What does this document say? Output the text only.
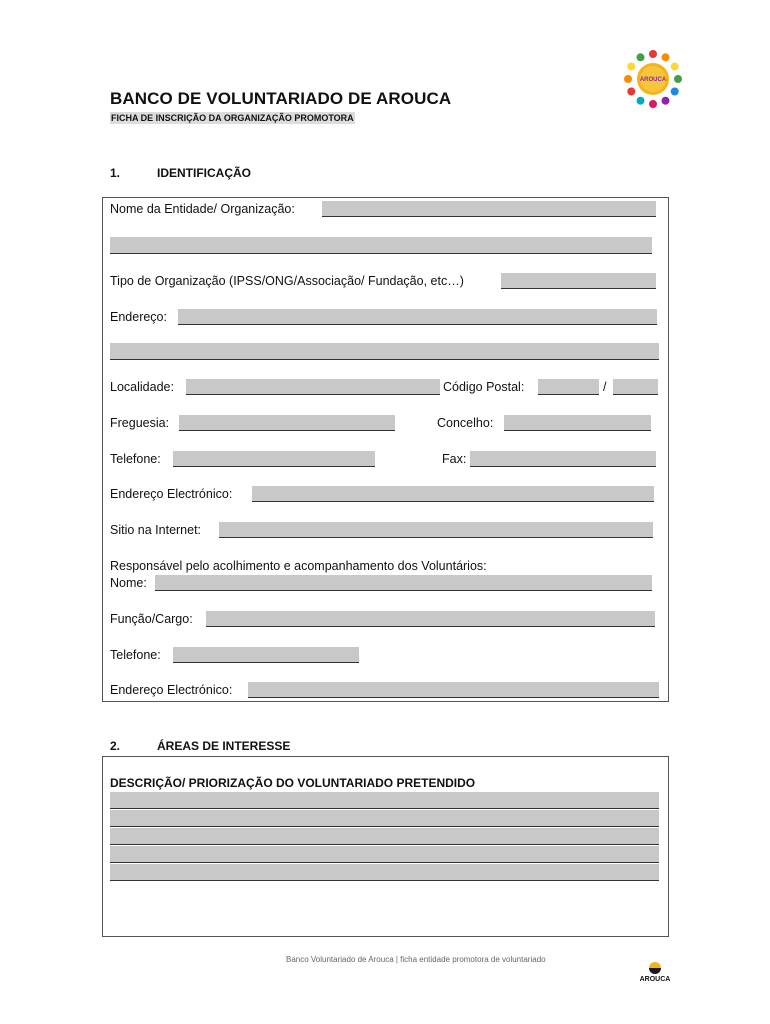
AROUCA
BANCO DE VOLUNTARIADO DE AROUCA
FICHA DE INSCRIÇÃO DA ORGANIZAÇÃO PROMOTORA
1.	IDENTIFICAÇÃO
Nome da Entidade/ Organização:
Tipo de Organização (IPSS/ONG/Associação/ Fundação, etc…)
Endereço:
Localidade:	Código Postal:	/
Freguesia:	Concelho:
Telefone:	Fax:
Endereço Electrónico:
Sitio na Internet:
Responsável pelo acolhimento e acompanhamento dos Voluntários:
Nome:
Função/Cargo:
Telefone:
Endereço Electrónico:
2.	ÁREAS DE INTERESSE
DESCRIÇÃO/ PRIORIZAÇÃO DO VOLUNTARIADO PRETENDIDO
Banco Voluntariado de Arouca | ficha entidade promotora de voluntariado
AROUCA
